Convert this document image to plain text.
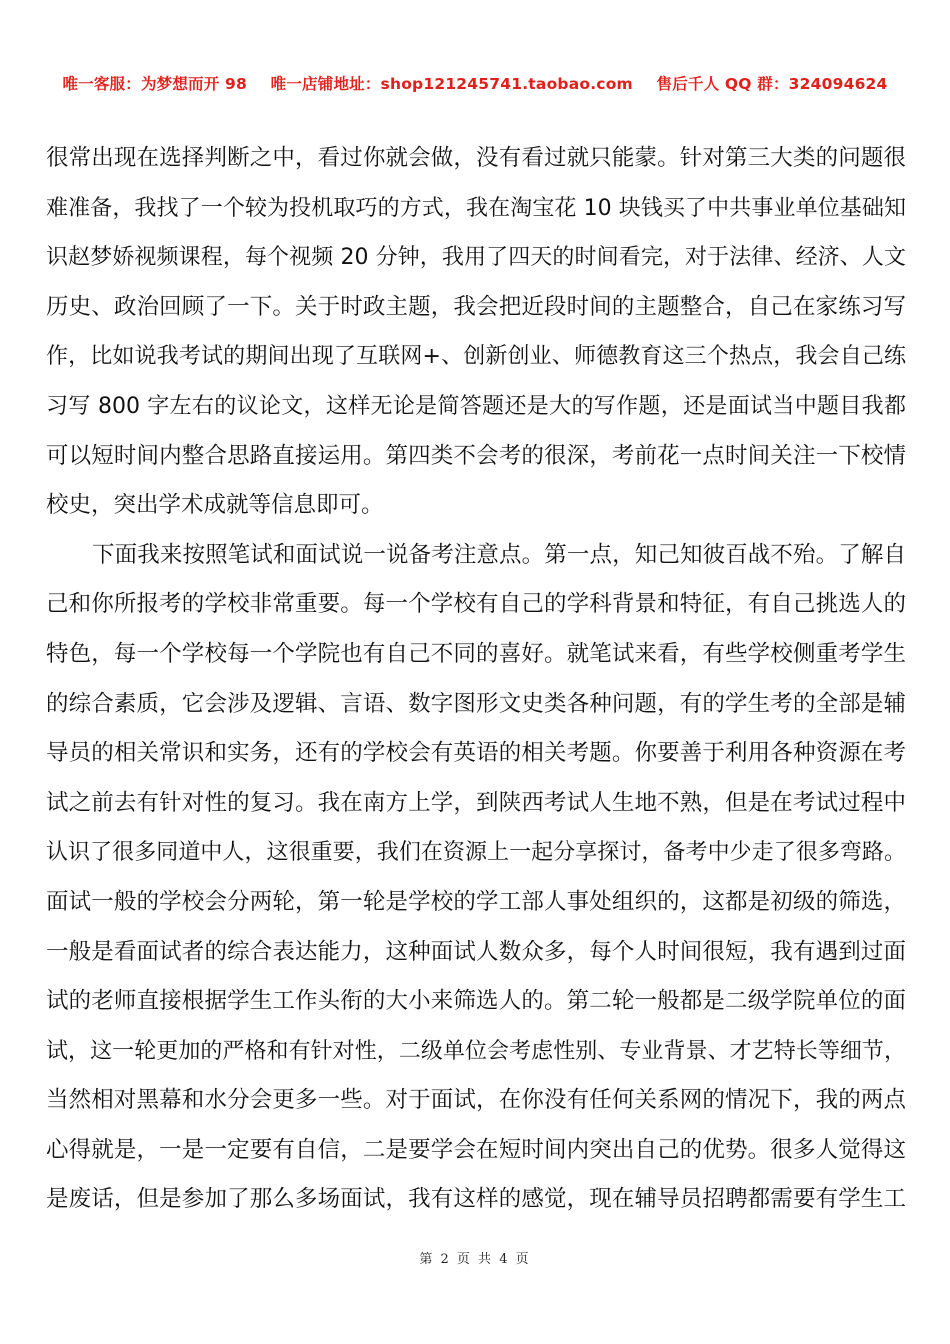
唯一客服：为梦想而开 98 唯一店铺地址：shop121245741.taobao.com 售后千人 QQ 群：324094624
很常出现在选择判断之中，看过你就会做，没有看过就只能蒙。针对第三大类的问题很
难准备，我找了一个较为投机取巧的方式，我在淘宝花 10 块钱买了中共事业单位基础知
识赵梦娇视频课程，每个视频 20 分钟，我用了四天的时间看完，对于法律、经济、人文
历史、政治回顾了一下。关于时政主题，我会把近段时间的主题整合，自己在家练习写
作，比如说我考试的期间出现了互联网+、创新创业、师德教育这三个热点，我会自己练
习写 800 字左右的议论文，这样无论是简答题还是大的写作题，还是面试当中题目我都
可以短时间内整合思路直接运用。第四类不会考的很深，考前花一点时间关注一下校情
校史，突出学术成就等信息即可。
下面我来按照笔试和面试说一说备考注意点。第一点，知己知彼百战不殆。了解自
己和你所报考的学校非常重要。每一个学校有自己的学科背景和特征，有自己挑选人的
特色，每一个学校每一个学院也有自己不同的喜好。就笔试来看，有些学校侧重考学生
的综合素质，它会涉及逻辑、言语、数字图形文史类各种问题，有的学生考的全部是辅
导员的相关常识和实务，还有的学校会有英语的相关考题。你要善于利用各种资源在考
试之前去有针对性的复习。我在南方上学，到陕西考试人生地不熟，但是在考试过程中
认识了很多同道中人，这很重要，我们在资源上一起分享探讨，备考中少走了很多弯路。
面试一般的学校会分两轮，第一轮是学校的学工部人事处组织的，这都是初级的筛选，
一般是看面试者的综合表达能力，这种面试人数众多，每个人时间很短，我有遇到过面
试的老师直接根据学生工作头衔的大小来筛选人的。第二轮一般都是二级学院单位的面
试，这一轮更加的严格和有针对性，二级单位会考虑性别、专业背景、才艺特长等细节，
当然相对黑幕和水分会更多一些。对于面试，在你没有任何关系网的情况下，我的两点
心得就是，一是一定要有自信，二是要学会在短时间内突出自己的优势。很多人觉得这
是废话，但是参加了那么多场面试，我有这样的感觉，现在辅导员招聘都需要有学生工
第 2 页 共 4 页
